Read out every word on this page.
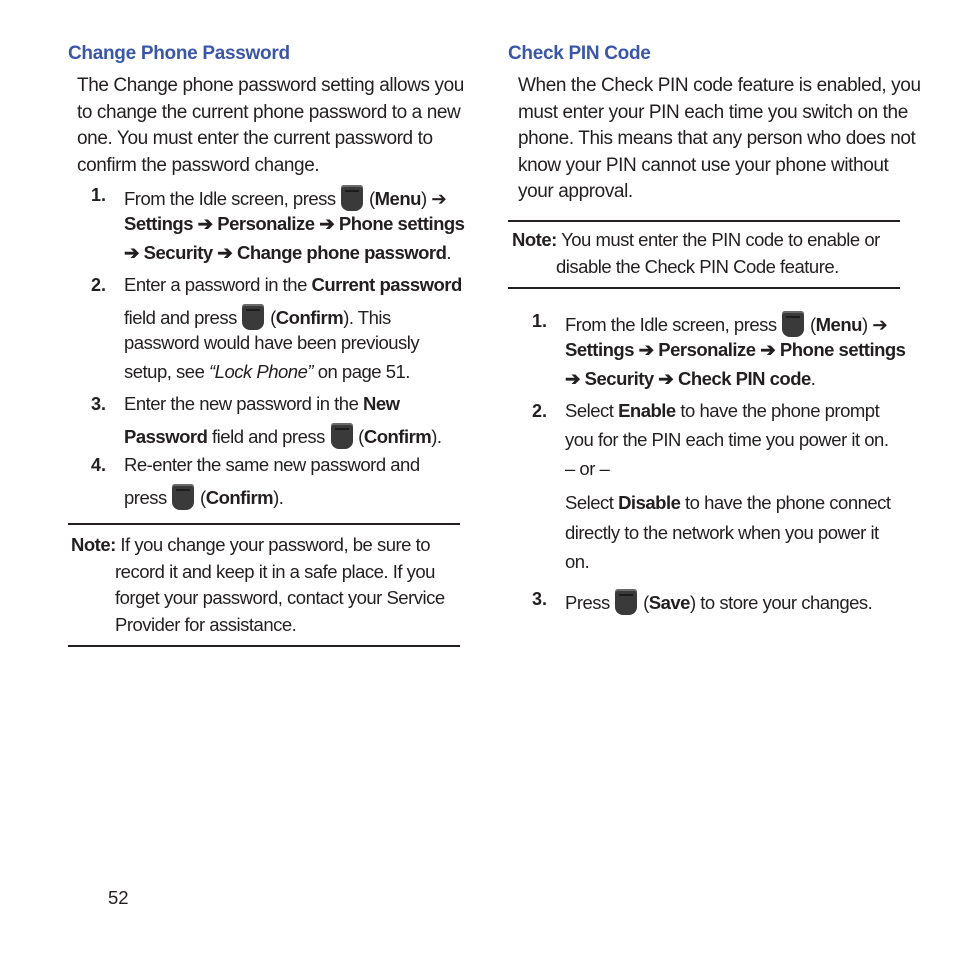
Change Phone Password
The Change phone password setting allows you
to change the current phone password to a new
one. You must enter the current password to
confirm the password change.
1. From the Idle screen, press  (Menu) ➔
Settings ➔ Personalize ➔ Phone settings
➔ Security ➔ Change phone password.
2. Enter a password in the Current password
field and press  (Confirm). This
password would have been previously
setup, see “Lock Phone” on page 51.
3. Enter the new password in the New
Password field and press  (Confirm).
4. Re-enter the same new password and
press  (Confirm).
Note: If you change your password, be sure to
record it and keep it in a safe place. If you
forget your password, contact your Service
Provider for assistance.
Check PIN Code
When the Check PIN code feature is enabled, you
must enter your PIN each time you switch on the
phone. This means that any person who does not
know your PIN cannot use your phone without
your approval.
Note: You must enter the PIN code to enable or
disable the Check PIN Code feature.
1. From the Idle screen, press  (Menu) ➔
Settings ➔ Personalize ➔ Phone settings
➔ Security ➔ Check PIN code.
2. Select Enable to have the phone prompt
you for the PIN each time you power it on.
– or –
Select Disable to have the phone connect
directly to the network when you power it
on.
3. Press  (Save) to store your changes.
52
